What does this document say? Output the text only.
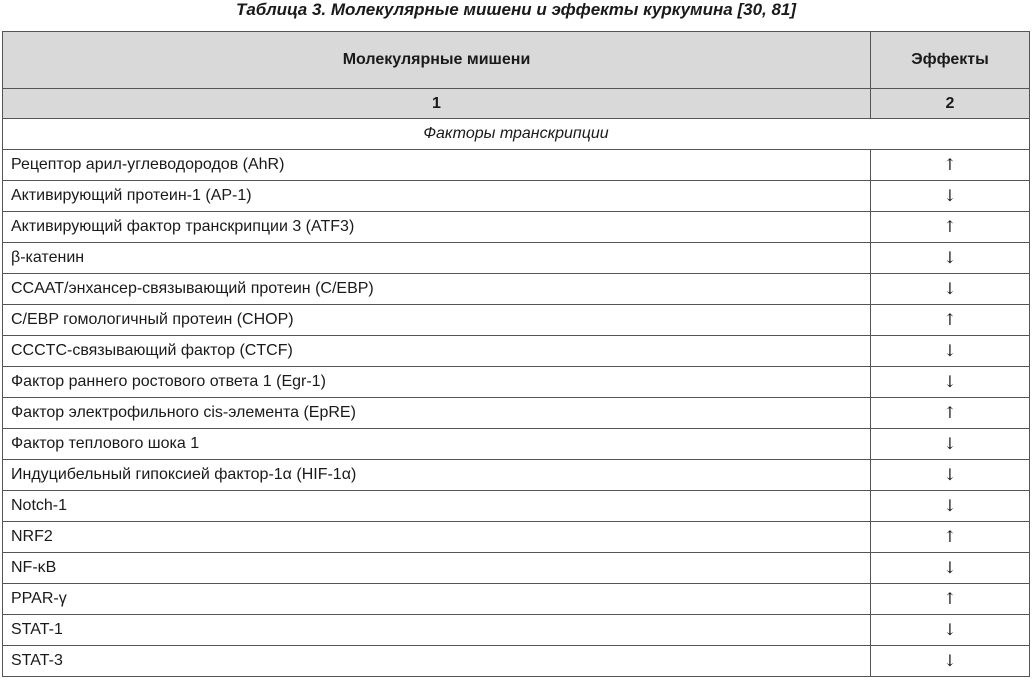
Таблица 3. Молекулярные мишени и эффекты куркумина [30, 81]
Молекулярные мишени	Эффекты
1	2
Факторы транскрипции	
Рецептор арил-углеводородов (AhR)	↑
Активирующий протеин-1 (AP-1)	↓
Активирующий фактор транскрипции 3 (ATF3)	↑
β-катенин	↓
CCAAT/энхансер-связывающий протеин (C/EBP)	↓
C/EBP гомологичный протеин (CHOP)	↑
CCCTC-связывающий фактор (CTCF)	↓
Фактор раннего ростового ответа 1 (Egr-1)	↓
Фактор электрофильного cis-элемента (EpRE)	↑
Фактор теплового шока 1	↓
Индуцибельный гипоксией фактор-1α (HIF-1α)	↓
Notch-1	↓
NRF2	↑
NF-κB	↓
PPAR-γ	↑
STAT-1	↓
STAT-3	↓
